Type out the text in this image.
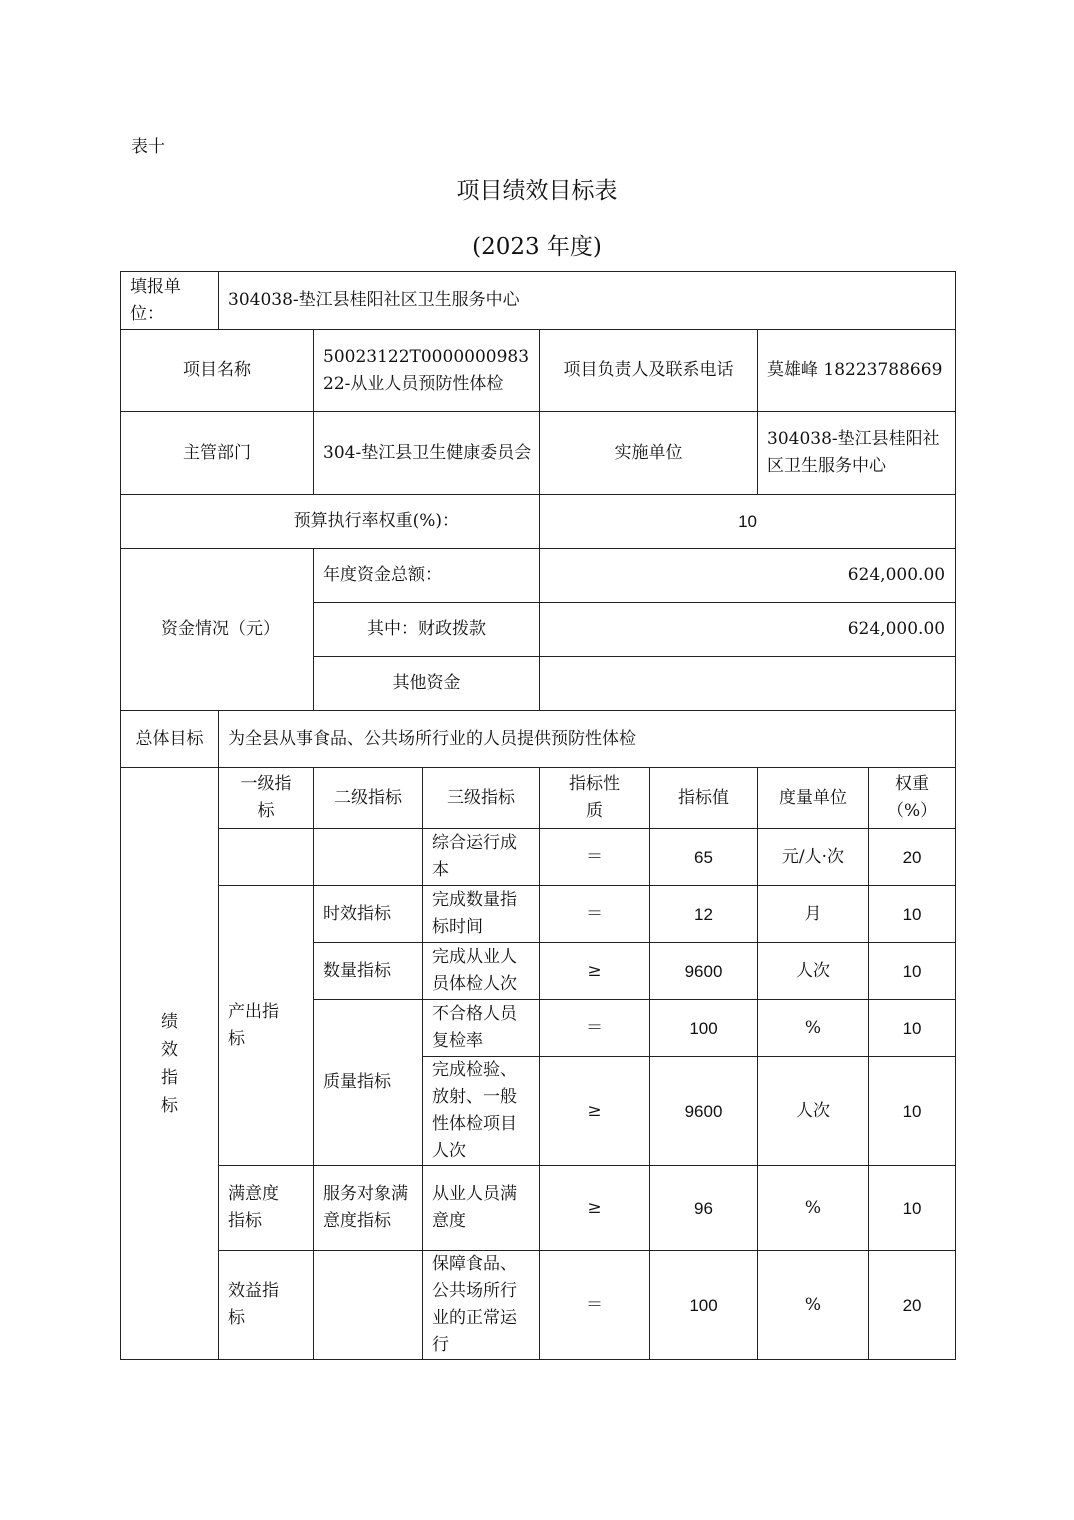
表十
项目绩效目标表
(2023 年度)
填报单位：	304038-垫江县桂阳社区卫生服务中心						
项目名称		50023122T000000098322-从业人员预防性体检		项目负责人及联系电话		莫雄峰 18223788669	
主管部门		304-垫江县卫生健康委员会		实施单位		304038-垫江县桂阳社区卫生服务中心	
预算执行率权重(%)：				10			
资金情况（元）		年度资金总额：		624,000.00			
		其中：财政拨款		624,000.00			
		其他资金					
总体目标	为全县从事食品、公共场所行业的人员提供预防性体检						

绩
效
指
标	一级指标	二级指标	三级指标	指标性质	指标值	度量单位	权重（%）
			综合运行成本	＝	65	元/人·次	20
	产出指标	时效指标	完成数量指标时间	＝	12	月	10
		数量指标	完成从业人员体检人次	≥	9600	人次	10
		质量指标	不合格人员复检率	＝	100	%	10
			完成检验、放射、一般性体检项目人次	≥	9600	人次	10
	满意度指标	服务对象满意度指标	从业人员满意度	≥	96	%	10
	效益指标		保障食品、公共场所行业的正常运行	＝	100	%	20
